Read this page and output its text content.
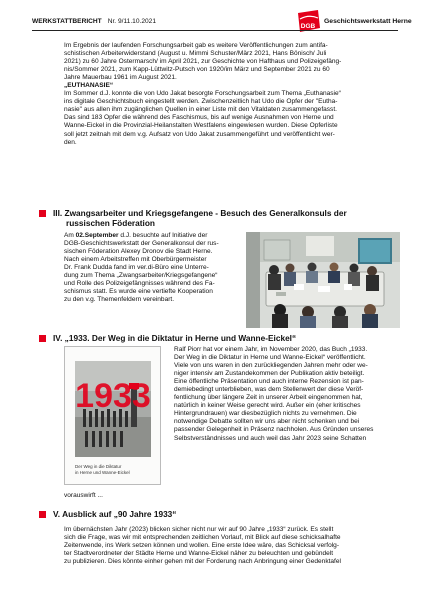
WERKSTATTBERICHT Nr. 9/11.10.2021
DGB
Geschichtswerkstatt Herne

Im Ergebnis der laufenden Forschungsarbeit gab es weitere Veröffentlichungen zum antifa-
schistischen Arbeiterwiderstand (August u. Mimmi Schuster/März 2021, Hans Bönisch/ Juli
2021) zu 60 Jahre Ostermarsch/ im April 2021, zur Geschichte von Hafthaus und Polizeigefäng-
nis/Sommer 2021, zum Kapp-Lüttwitz-Putsch von 1920/im März und September 2021 zu 60
Jahre Mauerbau 1961 im August 2021.
„EUTHANASIE“
Im Sommer d.J. konnte die von Udo Jakat besorgte Forschungsarbeit zum Thema „Euthanasie“
ins digitale Geschichtsbuch eingestellt werden. Zwischenzeitlich hat Udo die Opfer der "Eutha-
nasie" aus allen ihm zugänglichen Quellen in einer Liste mit den Vitaldaten zusammengefasst.
Das sind 183 Opfer die während des Faschismus, bis auf wenige Ausnahmen von Herne und
Wanne-Eickel in die Provinzial-Heilanstalten Westfalens eingewiesen wurden. Diese Opferliste
soll jetzt zeitnah mit dem v.g. Aufsatz von Udo Jakat zusammengeführt und veröffentlicht wer-
den.

III. Zwangsarbeiter und Kriegsgefangene - Besuch des Generalkonsuls der
russischen Föderation

Am 02.September d.J. besuchte auf Initiative der
DGB-Geschichtswerkstatt der Generalkonsul der rus-
sischen Föderation Alexey Dronov die Stadt Herne.
Nach einem Arbeitstreffen mit Oberbürgermeister
Dr. Frank Dudda fand im ver.di-Büro eine Unterre-
dung zum Thema „Zwangsarbeiter/Kriegsgefangene“
und Rolle des Polizeigefängnisses während des Fa-
schismus statt. Es wurde eine vertiefte Kooperation
zu den v.g. Themenfeldern vereinbart.

IV. „1933. Der Weg in die Diktatur in Herne und Wanne-Eickel“
1933
Der Weg in die Diktatur
in Herne und Wanne-Eickel

Ralf Piorr hat vor einem Jahr, im November 2020, das Buch „1933.
Der Weg in die Diktatur in Herne und Wanne-Eickel“ veröffentlicht.
Viele von uns waren in den zurückliegenden Jahren mehr oder we-
niger intensiv am Zustandekommen der Publikation aktiv beteiligt.
Eine öffentliche Präsentation und auch interne Rezension ist pan-
demiebedingt unterblieben, was dem Stellenwert der diese Veröf-
fentlichung über längere Zeit in unserer Arbeit eingenommen hat,
natürlich in keiner Weise gerecht wird. Außer ein (eher kritisches
Hintergrundrauen) war diesbezüglich nichts zu vernehmen. Die
notwendige Debatte sollten wir uns aber nicht schenken und bei
passender Gelegenheit in Präsenz nachholen. Aus Gründen unseres
Selbstverständnisses und auch weil das Jahr 2023 seine Schatten

vorauswirft ...

V. Ausblick auf „90 Jahre 1933“

Im übernächsten Jahr (2023) blicken sicher nicht nur wir auf 90 Jahre „1933“ zurück. Es stellt
sich die Frage, was wir mit entsprechenden zeitlichen Vorlauf, mit Blick auf diese schicksalhafte
Zeitenwende, ins Werk setzen können und wollen. Eine erste Idee wäre, das Schicksal verfolg-
ter Stadtverordneter der Städte Herne und Wanne-Eickel näher zu beleuchten und gebündelt
zu publizieren. Dies könnte einher gehen mit der Forderung nach Anbringung einer Gedenktafel
